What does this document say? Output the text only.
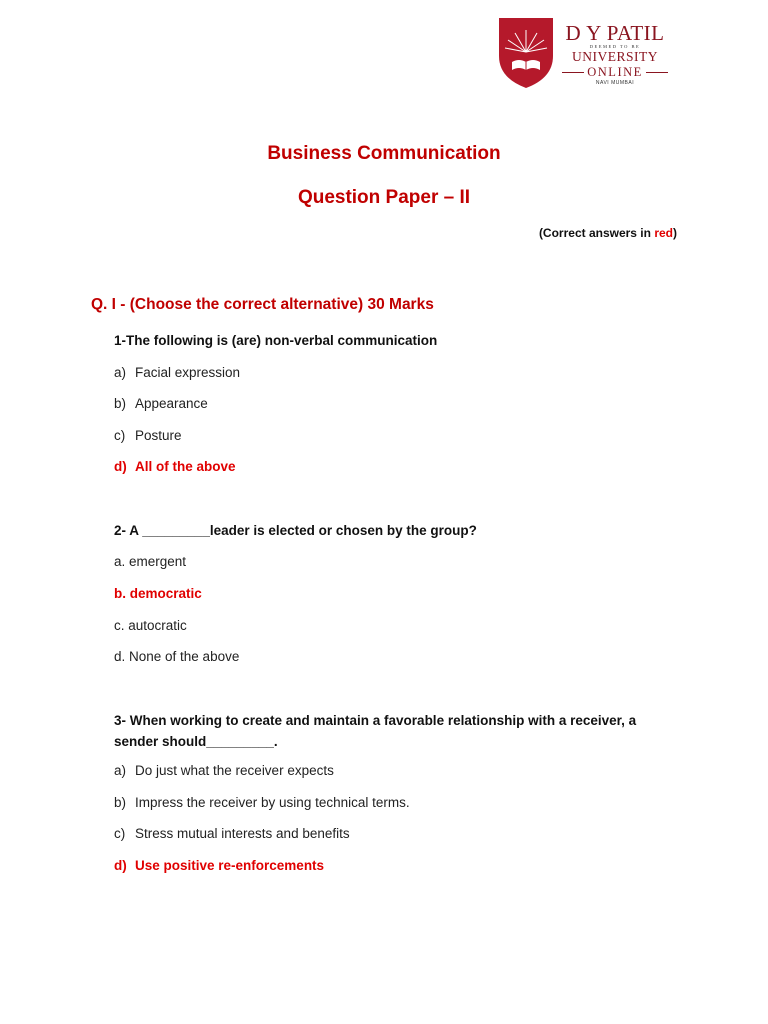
D Y PATIL
DEEMED TO BE
UNIVERSITY
ONLINE
NAVI MUMBAI
Business Communication
Question Paper – II
(Correct answers in red)
Q. I - (Choose the correct alternative) 30 Marks
1-The following is (are) non-verbal communication
a) Facial expression
b) Appearance
c) Posture
d) All of the above
2- A _________leader is elected or chosen by the group?
a. emergent
b. democratic
c. autocratic
d. None of the above
3- When working to create and maintain a favorable relationship with a receiver, a sender should_________.
a) Do just what the receiver expects
b) Impress the receiver by using technical terms.
c) Stress mutual interests and benefits
d) Use positive re-enforcements
